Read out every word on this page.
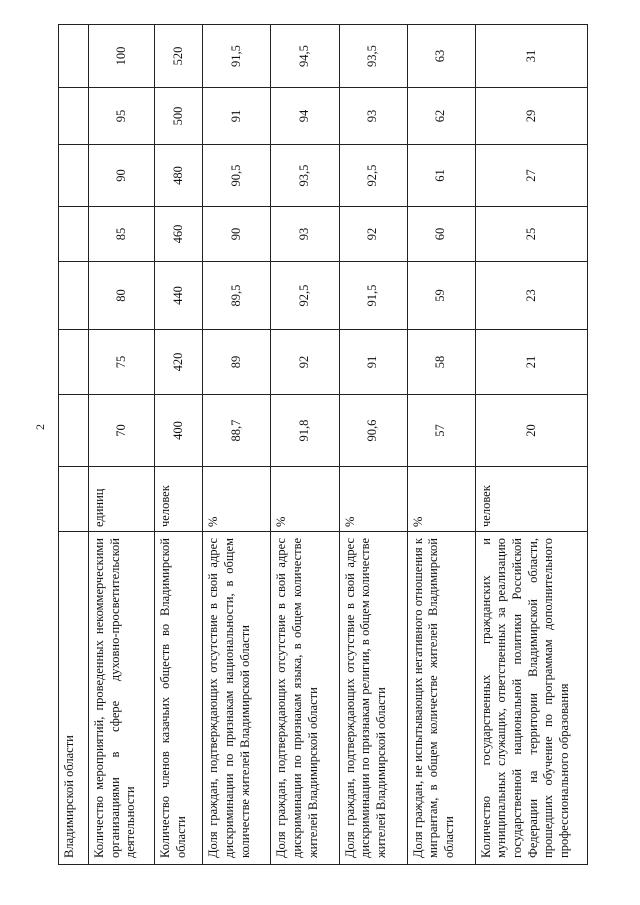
2
Владимирской области								
Количество мероприятий, проведенных некоммерческими организациями в сфере духовно-просветительской деятельности	единиц	70	75	80	85	90	95	100
Количество членов казачьих обществ во Владимирской области	человек	400	420	440	460	480	500	520
Доля граждан, подтверждающих отсутствие в свой адрес дискриминации по признакам национальности, в общем количестве жителей Владимирской области	%	88,7	89	89,5	90	90,5	91	91,5
Доля граждан, подтверждающих отсутствие в свой адрес дискриминации по признакам языка, в общем количестве жителей Владимирской области	%	91,8	92	92,5	93	93,5	94	94,5
Доля граждан, подтверждающих отсутствие в свой адрес дискриминации по признакам религии, в общем количестве жителей Владимирской области	%	90,6	91	91,5	92	92,5	93	93,5
Доля граждан, не испытывающих негативного отношения к мигрантам, в общем количестве жителей Владимирской области	%	57	58	59	60	61	62	63
Количество государственных гражданских и муниципальных служащих, ответственных за реализацию государственной национальной политики Российской Федерации на территории Владимирской области, прошедших обучение по программам дополнительного профессионального образования	человек	20	21	23	25	27	29	31
